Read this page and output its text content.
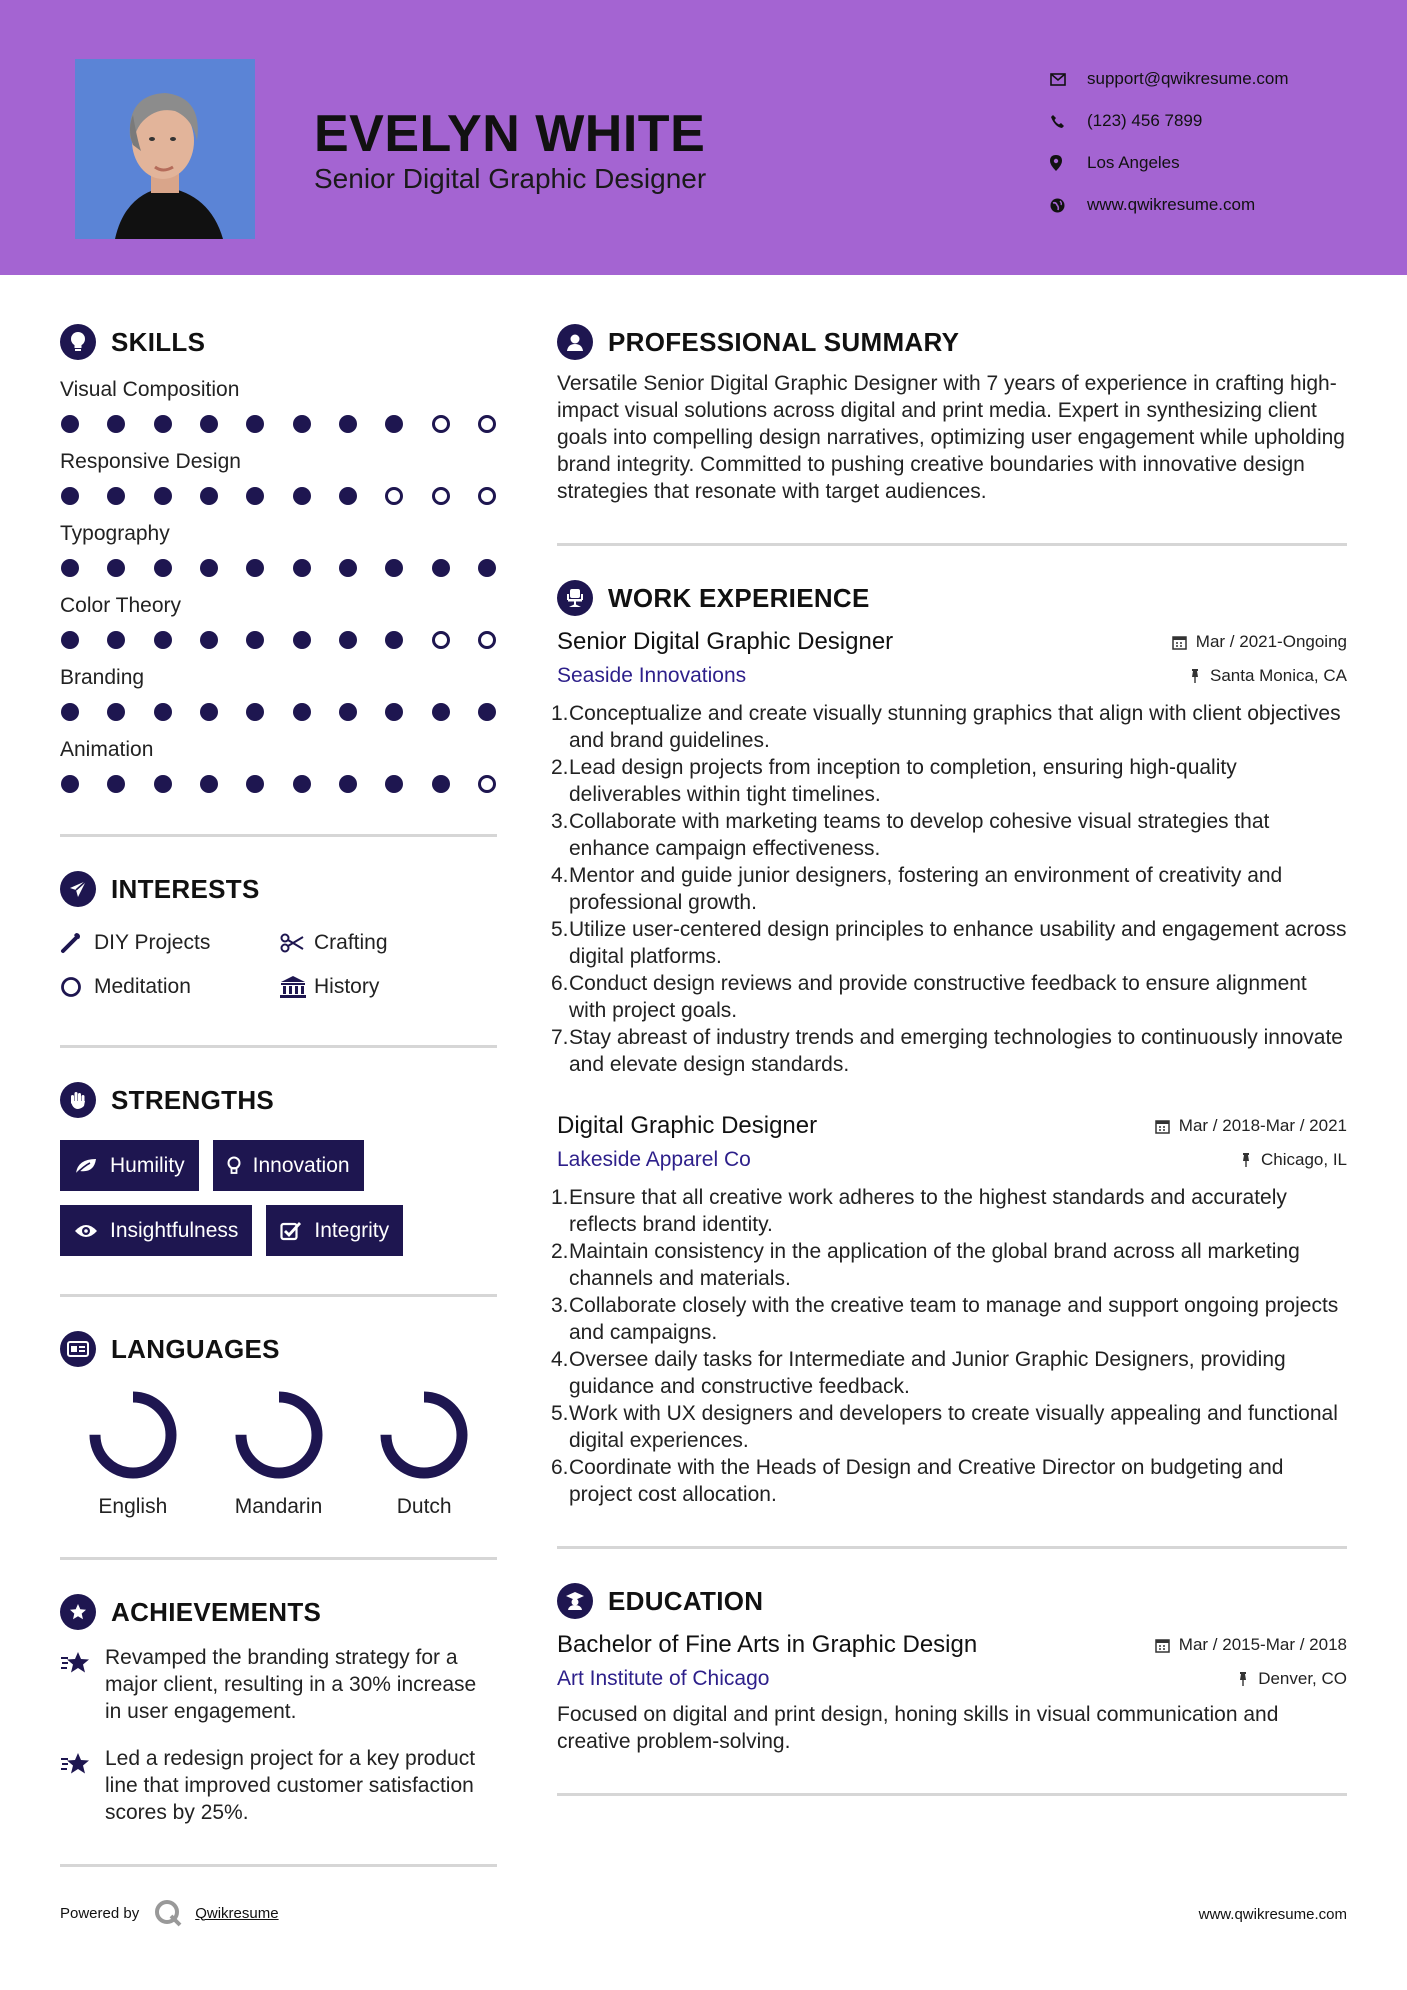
EVELYN WHITE
Senior Digital Graphic Designer
support@qwikresume.com
(123) 456 7899
Los Angeles
www.qwikresume.com
SKILLS
Visual Composition
Responsive Design
Typography
Color Theory
Branding
Animation
INTERESTS
DIY Projects	Crafting
Meditation	History
STRENGTHS
Humility	Innovation
Insightfulness	Integrity
LANGUAGES
English	Mandarin	Dutch
ACHIEVEMENTS
Revamped the branding strategy for a major client, resulting in a 30% increase in user engagement.
Led a redesign project for a key product line that improved customer satisfaction scores by 25%.
PROFESSIONAL SUMMARY
Versatile Senior Digital Graphic Designer with 7 years of experience in crafting high-impact visual solutions across digital and print media. Expert in synthesizing client goals into compelling design narratives, optimizing user engagement while upholding brand integrity. Committed to pushing creative boundaries with innovative design strategies that resonate with target audiences.
WORK EXPERIENCE
Senior Digital Graphic Designer	Mar / 2021-Ongoing
Seaside Innovations	Santa Monica, CA
1. Conceptualize and create visually stunning graphics that align with client objectives and brand guidelines.
2. Lead design projects from inception to completion, ensuring high-quality deliverables within tight timelines.
3. Collaborate with marketing teams to develop cohesive visual strategies that enhance campaign effectiveness.
4. Mentor and guide junior designers, fostering an environment of creativity and professional growth.
5. Utilize user-centered design principles to enhance usability and engagement across digital platforms.
6. Conduct design reviews and provide constructive feedback to ensure alignment with project goals.
7. Stay abreast of industry trends and emerging technologies to continuously innovate and elevate design standards.
Digital Graphic Designer	Mar / 2018-Mar / 2021
Lakeside Apparel Co	Chicago, IL
1. Ensure that all creative work adheres to the highest standards and accurately reflects brand identity.
2. Maintain consistency in the application of the global brand across all marketing channels and materials.
3. Collaborate closely with the creative team to manage and support ongoing projects and campaigns.
4. Oversee daily tasks for Intermediate and Junior Graphic Designers, providing guidance and constructive feedback.
5. Work with UX designers and developers to create visually appealing and functional digital experiences.
6. Coordinate with the Heads of Design and Creative Director on budgeting and project cost allocation.
EDUCATION
Bachelor of Fine Arts in Graphic Design	Mar / 2015-Mar / 2018
Art Institute of Chicago	Denver, CO
Focused on digital and print design, honing skills in visual communication and creative problem-solving.
Powered by	Qwikresume	www.qwikresume.com
